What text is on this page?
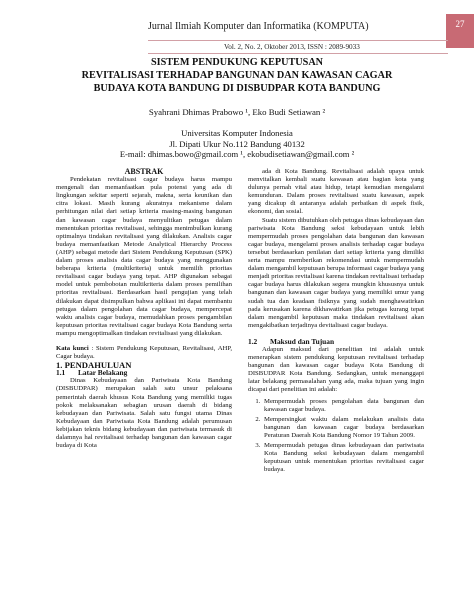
Jurnal Ilmiah Komputer dan Informatika (KOMPUTA)	27
Vol. 2, No. 2, Oktober 2013, ISSN : 2089-9033
SISTEM PENDUKUNG KEPUTUSAN
REVITALISASI TERHADAP BANGUNAN DAN KAWASAN CAGAR
BUDAYA KOTA BANDUNG DI DISBUDPAR KOTA BANDUNG
Syahrani Dhimas Prabowo ¹, Eko Budi Setiawan ²
Universitas Komputer Indonesia
Jl. Dipati Ukur No.112 Bandung 40132
E-mail: dhimas.bowo@gmail.com ¹, ekobudisetiawan@gmail.com ²

ABSTRAK

Pendekatan revitalisasi cagar budaya harus mampu mengenali dan memanfaatkan pula potensi yang ada di lingkungan sekitar seperti sejarah, makna, serta keunikan dan citra lokasi. Masih kurang akuratnya mekanisme dalam perhitungan nilai dari setiap kriteria masing-masing bangunan dan kawasan cagar budaya menyulitkan petugas dalam menentukan prioritas revitalisasi, sehingga menimbulkan kurang optimalnya tindakan revitalisasi yang dilakukan. Analisis cagar budaya memanfaatkan Metode Analytical Hierarchy Process (AHP) sebagai metode dari Sistem Pendukung Keputusan (SPK) dalam proses analisis data cagar budaya yang menggunakan beberapa kriteria (multikriteria) untuk memilih prioritas revitalisasi cagar budaya yang tepat. AHP digunakan sebagai model untuk pembobotan multikriteria dalam proses pemilihan prioritas revitalisasi. Berdasarkan hasil pengujian yang telah dilakukan dapat disimpulkan bahwa aplikasi ini dapat membantu petugas dalam pengolahan data cagar budaya, mempercepat waktu analisis cagar budaya, memudahkan proses pengambilan keputusan prioritas revitalisasi cagar budaya Kota Bandung serta mampu mengoptimalkan tindakan revitalisasi yang dilakukan.

Kata kunci : Sistem Pendukung Keputusan, Revitalisasi, AHP, Cagar budaya.

1. PENDAHULUAN

1.1 Latar Belakang

Dinas Kebudayaan dan Pariwisata Kota Bandung (DISBUDPAR) merupakan salah satu unsur pelaksana pemerintah daerah khusus Kota Bandung yang memiliki tugas pokok melaksanakan sebagian urusan daerah di bidang kebudayaan dan Pariwisata. Salah satu fungsi utama Dinas Kebudayaan dan Pariwisata Kota Bandung adalah perumusan kebijakan teknis bidang kebudayaan dan pariwisata termasuk di dalamnya hal revitalisasi terhadap bangunan dan kawasan cagar budaya di Kota

ada di Kota Bandung. Revitalisasi adalah upaya untuk menvitalkan kembali suatu kawasan atau bagian kota yang dulunya pernah vital atau hidup, tetapi kemudian mengalami kemunduran. Dalam proses revitalisasi suatu kawasan, aspek yang dicakup di antaranya adalah perbaikan di aspek fisik, ekonomi, dan sosial.

Suatu sistem dibutuhkan oleh petugas dinas kebudayaan dan pariwisata Kota Bandung seksi kebudayaan untuk lebih mempermudah proses pengolahan data bangunan dan kawasan cagar budaya, mengelami proses analisis terhadap cagar budaya tersebut berdasarkan penilaian dari setiap kriteria yang dimiliki serta mampu memberikan rekomendasi untuk mempermudah dalam mengambil keputusan berupa informasi cagar budaya yang menjadi prioritas revitalisasi karena tindakan revitalisasi terhadap cagar budaya harus dilakukan segera mungkin khususnya untuk bangunan dan kawasan cagar budaya yang memiliki umur yang sudah tua dan keadaan fisiknya yang sudah menghawatirkan pada kerusakan karena dikhawatirkan jika petugas kurang tepat dalam mengambil keputusan maka tindakan revitalisasi akan mengakibatkan terjadinya devitalisasi cagar budaya.

1.2 Maksud dan Tujuan

Adapun maksud dari penelitian ini adalah untuk menerapkan sistem pendukung keputusan revitalisasi terhadap bangunan dan kawasan cagar budaya Kota Bandung di DISBUDPAR Kota Bandung. Sedangkan, untuk menanggapi latar belakang permasalahan yang ada, maka tujuan yang ingin dicapai dari penelitian ini adalah:

1. Mempermudah proses pengolahan data bangunan dan kawasan cagar budaya.
2. Mempersingkat waktu dalam melakukan analisis data bangunan dan kawasan cagar budaya berdasarkan Peraturan Daerah Kota Bandung Nomor 19 Tahun 2009.
3. Mempermudah petugas dinas kebudayaan dan pariwisata Kota Bandung seksi kebudayaan dalam mengambil keputusan untuk menentukan prioritas revitalisasi cagar budaya.
